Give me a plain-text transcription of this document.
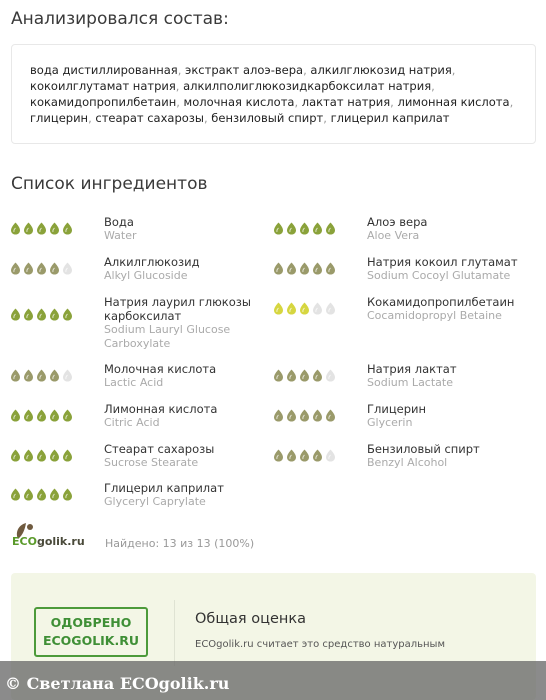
Анализировался состав:

вода дистиллированная, экстракт алоэ-вера, алкилглюкозид натрия, кокоилглутамат натрия, алкилполиглюкозидкарбоксилат натрия, кокамидопропилбетаин, молочная кислота, лактат натрия, лимонная кислота, глицерин, стеарат сахарозы, бензиловый спирт, глицерил каприлат

Список ингредиентов
Вода
Water
Алоэ вера
Aloe Vera
Алкилглюкозид
Alkyl Glucoside
Натрия кокоил глутамат
Sodium Cocoyl Glutamate
Натрия лаурил глюкозы карбоксилат
Sodium Lauryl Glucose Carboxylate
Кокамидопропилбетаин
Cocamidopropyl Betaine
Молочная кислота
Lactic Acid
Натрия лактат
Sodium Lactate
Лимонная кислота
Citric Acid
Глицерин
Glycerin
Стеарат сахарозы
Sucrose Stearate
Бензиловый спирт
Benzyl Alcohol
Глицерил каприлат
Glyceryl Caprylate
ECOgolik.ru Найдено: 13 из 13 (100%)
ОДОБРЕНО
ECOGOLIK.RU
Общая оценка
ECOgolik.ru считает это средство натуральным
© Светлана ECOgolik.ru
